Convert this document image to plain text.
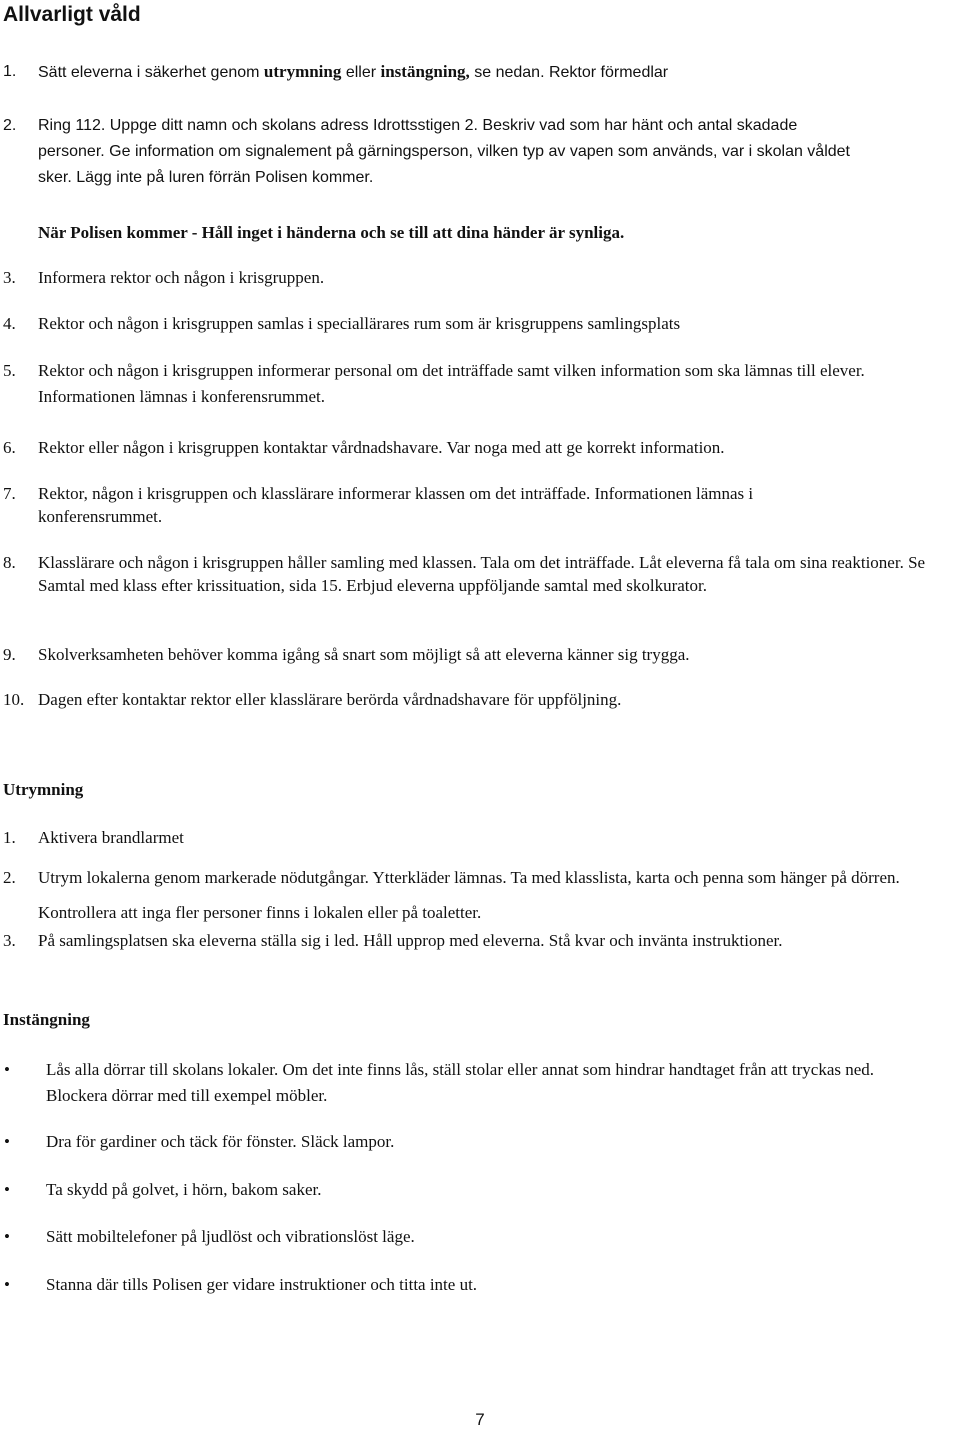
Allvarligt våld
1. Sätt eleverna i säkerhet genom utrymning eller instängning, se nedan. Rektor förmedlar
2. Ring 112. Uppge ditt namn och skolans adress Idrottsstigen 2. Beskriv vad som har hänt och antal skadade
personer. Ge information om signalement på gärningsperson, vilken typ av vapen som används, var i skolan våldet
sker. Lägg inte på luren förrän Polisen kommer.
När Polisen kommer - Håll inget i händerna och se till att dina händer är synliga.
3. Informera rektor och någon i krisgruppen.
4. Rektor och någon i krisgruppen samlas i speciallärares rum som är krisgruppens samlingsplats
5. Rektor och någon i krisgruppen informerar personal om det inträffade samt vilken information som ska lämnas till elever. Informationen lämnas i konferensrummet.
6. Rektor eller någon i krisgruppen kontaktar vårdnadshavare. Var noga med att ge korrekt information.
7. Rektor, någon i krisgruppen och klasslärare informerar klassen om det inträffade. Informationen lämnas i konferensrummet.
8. Klasslärare och någon i krisgruppen håller samling med klassen. Tala om det inträffade. Låt eleverna få tala om sina reaktioner. Se Samtal med klass efter krissituation, sida 15. Erbjud eleverna uppföljande samtal med skolkurator.
9. Skolverksamheten behöver komma igång så snart som möjligt så att eleverna känner sig trygga.
10. Dagen efter kontaktar rektor eller klasslärare berörda vårdnadshavare för uppföljning.
Utrymning
1. Aktivera brandlarmet
2. Utrym lokalerna genom markerade nödutgångar. Ytterkläder lämnas. Ta med klasslista, karta och penna som hänger på dörren. Kontrollera att inga fler personer finns i lokalen eller på toaletter.
3. På samlingsplatsen ska eleverna ställa sig i led. Håll upprop med eleverna. Stå kvar och invänta instruktioner.
Instängning
• Lås alla dörrar till skolans lokaler. Om det inte finns lås, ställ stolar eller annat som hindrar handtaget från att tryckas ned. Blockera dörrar med till exempel möbler.
• Dra för gardiner och täck för fönster. Släck lampor.
• Ta skydd på golvet, i hörn, bakom saker.
• Sätt mobiltelefoner på ljudlöst och vibrationslöst läge.
• Stanna där tills Polisen ger vidare instruktioner och titta inte ut.
7
